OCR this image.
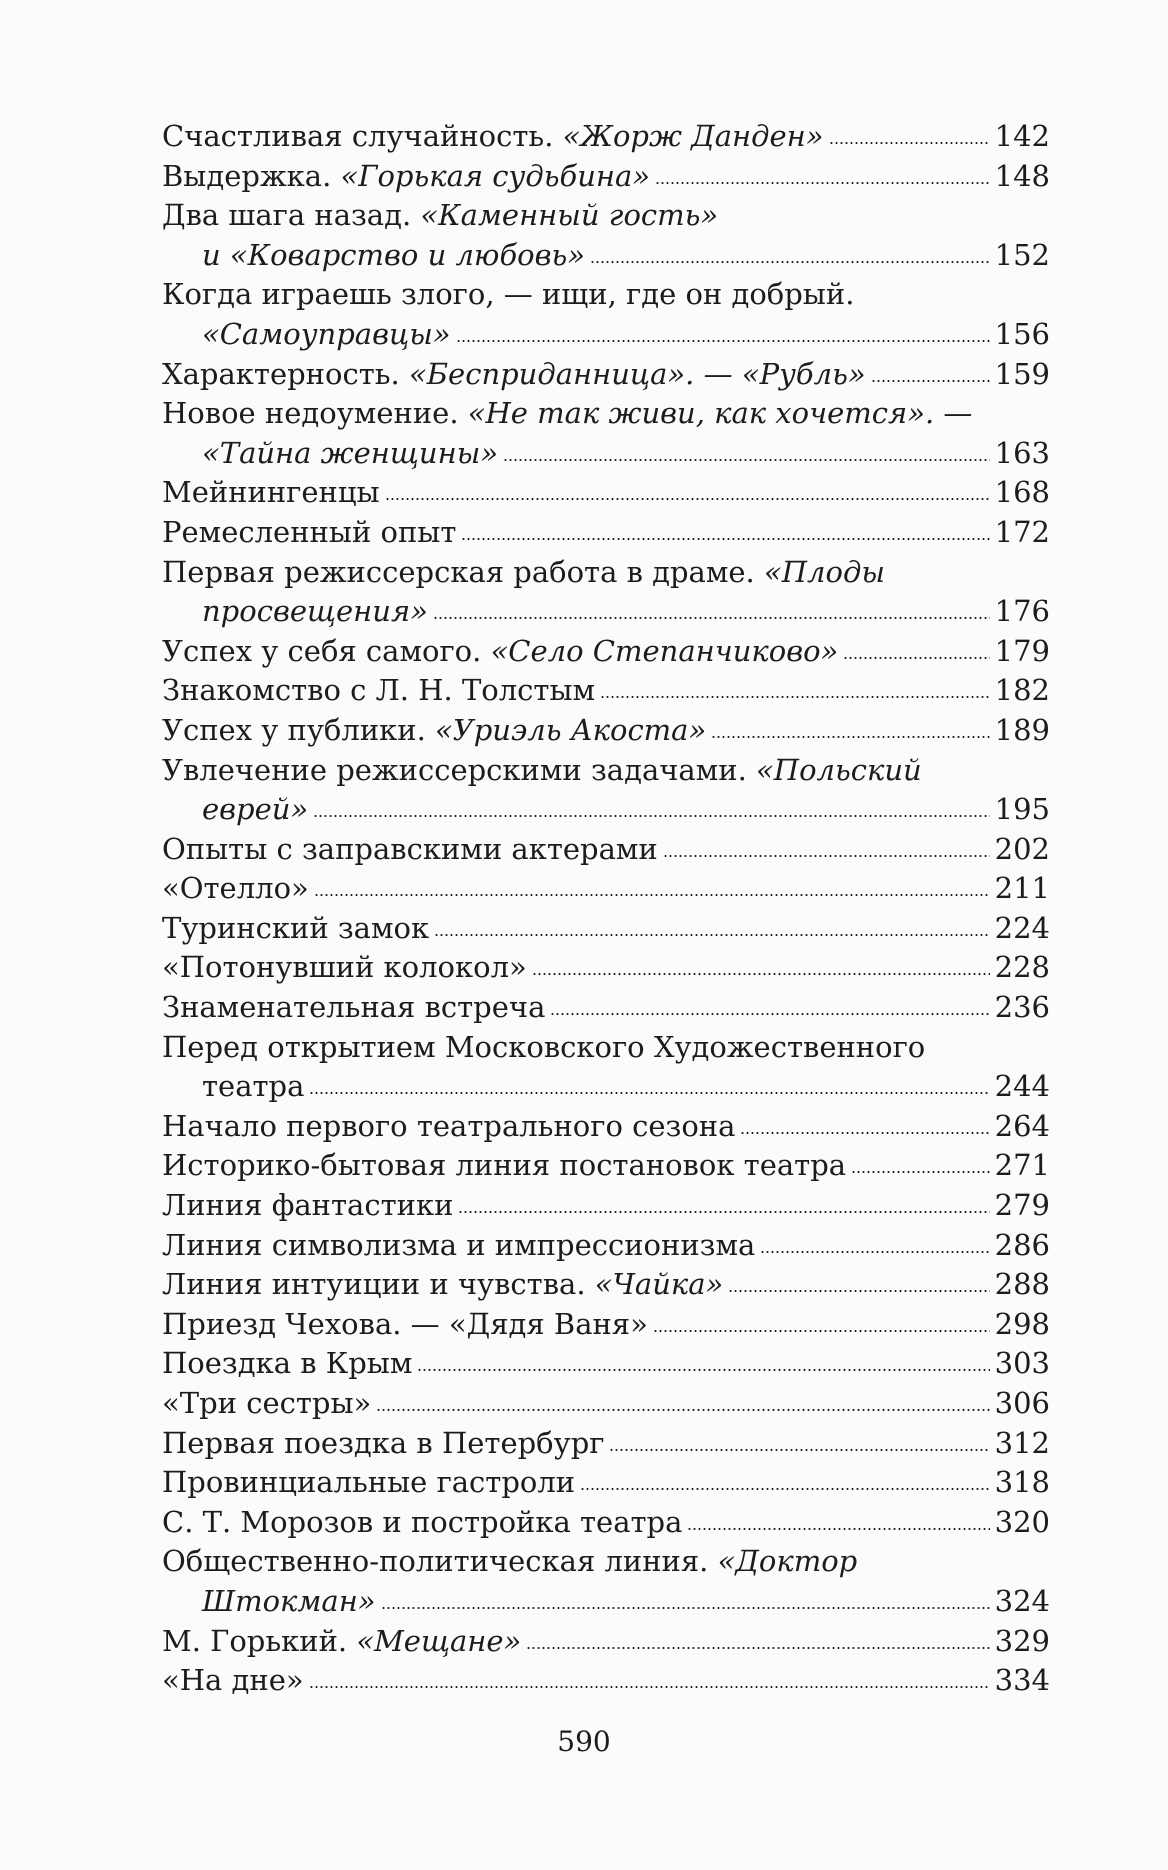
Счастливая случайность. «Жорж Данден»	142
Выдержка. «Горькая судьбина»	148
Два шага назад. «Каменный гость»
и «Коварство и любовь»	152
Когда играешь злого, — ищи, где он добрый.
«Самоуправцы»	156
Характерность. «Бесприданница». — «Рубль»	159
Новое недоумение. «Не так живи, как хочется». —
«Тайна женщины»	163
Мейнингенцы	168
Ремесленный опыт	172
Первая режиссерская работа в драме. «Плоды
просвещения»	176
Успех у себя самого. «Село Степанчиково»	179
Знакомство с Л. Н. Толстым	182
Успех у публики. «Уриэль Акоста»	189
Увлечение режиссерскими задачами. «Польский
еврей»	195
Опыты с заправскими актерами	202
«Отелло»	211
Туринский замок	224
«Потонувший колокол»	228
Знаменательная встреча	236
Перед открытием Московского Художественного
театра	244
Начало первого театрального сезона	264
Историко-бытовая линия постановок театра	271
Линия фантастики	279
Линия символизма и импрессионизма	286
Линия интуиции и чувства. «Чайка»	288
Приезд Чехова. — «Дядя Ваня»	298
Поездка в Крым	303
«Три сестры»	306
Первая поездка в Петербург	312
Провинциальные гастроли	318
С. Т. Морозов и постройка театра	320
Общественно-политическая линия. «Доктор
Штокман»	324
М. Горький. «Мещане»	329
«На дне»	334
590
